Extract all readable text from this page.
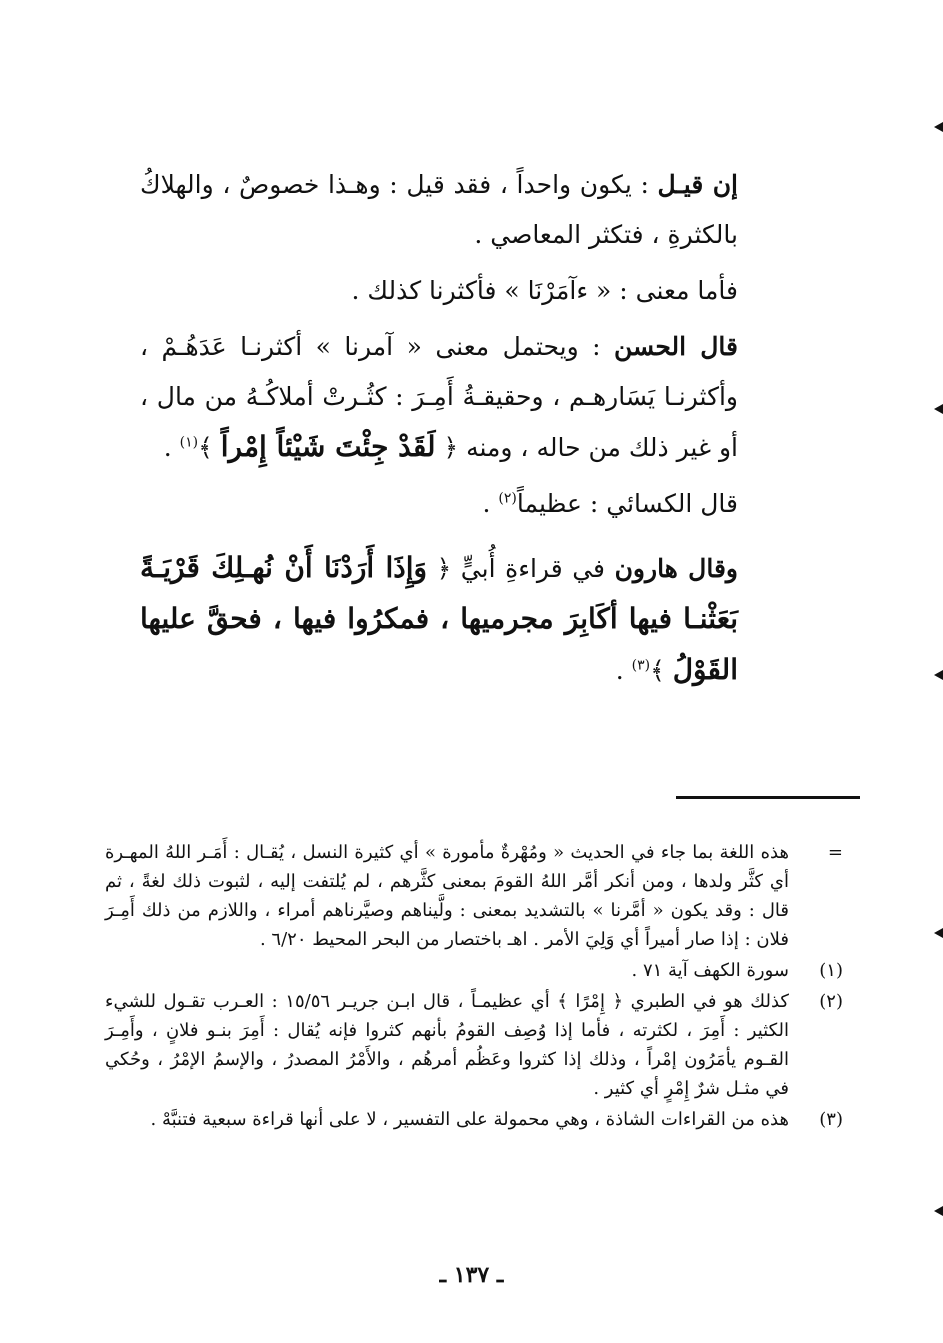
إن قيـل : يكون واحداً ، فقد قيل : وهـذا خصوصٌ ، والهلاكُ بالكثرةِ ، فتكثر المعاصي .

فأما معنى : « ءآمَرْنَا » فأكثرنا كذلك .

قال الحسن : ويحتمل معنى « آمرنا » أكثرنـا عَدَهُـمْ ، وأكثرنـا يَسَارهـم ، وحقيقـةُ أَمِـرَ : كثُـرتْ أملاكُـهُ من مال ، أو غير ذلك من حاله ، ومنه ﴿ لَقَدْ جِئْتَ شَيْئاً إِمْراً ﴾$^{(١)}$ .

قال الكسائي : عظيماً$^{(٢)}$ .

وقال هارون في قراءةِ أُبيٍّ ﴿ وَإِذَا أَرَدْنَا أَنْ نُهـلِكَ قَرْيَـةً بَعَثْنـا فيها أكَابِرَ مجرميها ، فمكرُوا فيها ، فحقَّ عليها القَوْلُ ﴾$^{(٣)}$ .

=
هذه اللغة بما جاء في الحديث « ومُهْرةٌ مأمورة » أي كثيرة النسل ، يُقـال : أَمَـر اللهُ المهـرة أي كثَّر ولدها ، ومن أنكر أمَّر اللهُ القومَ بمعنى كثَّرهم ، لم يُلتفت إليه ، لثبوت ذلك لغةً ، ثم قال : وقد يكون « أمَّرنا » بالتشديد بمعنى : ولَّيناهم وصيَّرناهم أمراء ، واللازم من ذلك أَمِـرَ فلان : إذا صار أميراً أي وَلِيَ الأمر . اهـ باختصار من البحر المحيط ٦/٢٠ .
(١)
سورة الكهف آية ٧١ .
(٢)
كذلك هو في الطبري ﴿ إِمْرًا ﴾ أي عظيمـاً ، قال ابـن جريـر ١٥/٥٦ : العـرب تقـول للشيء الكثير : أَمِرَ ، لكثرته ، فأما إذا وُصِف القومُ بأنهم كثروا فإنه يُقال : أَمِرَ بنـو فلانٍ ، وأَمِـرَ القـوم يأمَرُون إمْراً ، وذلك إذا كثروا وعَظُم أمرهُم ، والأَمْرُ المصدرُ ، والإسمُ الإمْرُ ، وحُكي في مثـل شرٌ إِمْرٍ أي كثير .
(٣)
هذه من القراءات الشاذة ، وهي محمولة على التفسير ، لا على أنها قراءة سبعية فتنبَّهْ .
ـ ١٣٧ ـ
